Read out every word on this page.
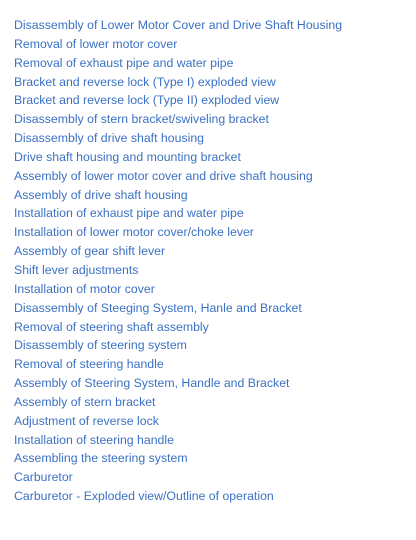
Disassembly of Lower Motor Cover and Drive Shaft Housing
Removal of lower motor cover
Removal of exhaust pipe and water pipe
Bracket and reverse lock (Type I) exploded view
Bracket and reverse lock (Type II) exploded view
Disassembly of stern bracket/swiveling bracket
Disassembly of drive shaft housing
Drive shaft housing and mounting bracket
Assembly of lower motor cover and drive shaft housing
Assembly of drive shaft housing
Installation of exhaust pipe and water pipe
Installation of lower motor cover/choke lever
Assembly of gear shift lever
Shift lever adjustments
Installation of motor cover
Disassembly of Steeging System, Hanle and Bracket
Removal of steering shaft assembly
Disassembly of steering system
Removal of steering handle
Assembly of Steering System, Handle and Bracket
Assembly of stern bracket
Adjustment of reverse lock
Installation of steering handle
Assembling the steering system
Carburetor
Carburetor - Exploded view/Outline of operation
